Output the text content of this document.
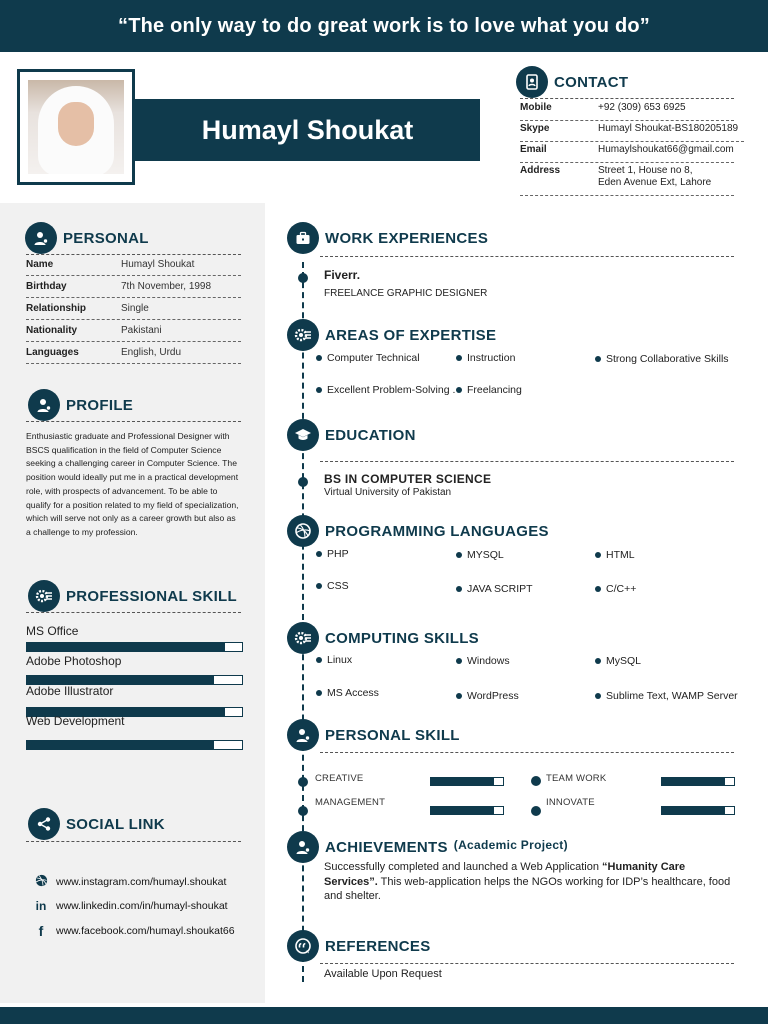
“The only way to do great work is to love what you do”
Humayl Shoukat
CONTACT
Mobile	+92 (309) 653 6925
Skype	Humayl Shoukat-BS180205189
Email	Humaylshoukat66@gmail.com
Address	Street 1, House no 8,
Eden Avenue Ext, Lahore
PERSONAL
Name	Humayl Shoukat
Birthday	7th November, 1998
Relationship	Single
Nationality	Pakistani
Languages	English, Urdu
PROFILE
Enthusiastic graduate and Professional Designer with BSCS qualification in the field of Computer Science seeking a challenging career in Computer Science. The position would ideally put me in a practical development role, with prospects of advancement. To be able to qualify for a position related to my field of specialization, which will serve not only as a career growth but also as a challenge to my profession.
PROFESSIONAL SKILL
MS Office
Adobe Photoshop
Adobe Illustrator
Web Development
SOCIAL LINK
www.instagram.com/humayl.shoukat
in www.linkedin.com/in/humayl-shoukat
f	www.facebook.com/humayl.shoukat66
WORK EXPERIENCES
Fiverr.
FREELANCE GRAPHIC DESIGNER
AREAS OF EXPERTISE
Computer Technical	Instruction	Strong Collaborative Skills
Excellent Problem-Solving . Freelancing
EDUCATION
BS IN COMPUTER SCIENCE
Virtual University of Pakistan
PROGRAMMING LANGUAGES
PHP	MYSQL	HTML
CSS	JAVA SCRIPT	C/C++
COMPUTING SKILLS
Linux	Windows	MySQL
MS Access	WordPress	Sublime Text, WAMP Server
PERSONAL SKILL
CREATIVE	TEAM WORK
MANAGEMENT	INNOVATE
ACHIEVEMENTS (Academic Project)
Successfully completed and launched a Web Application “Humanity Care Services”. This web-application helps the NGOs working for IDP’s healthcare, food and shelter.
REFERENCES
Available Upon Request
